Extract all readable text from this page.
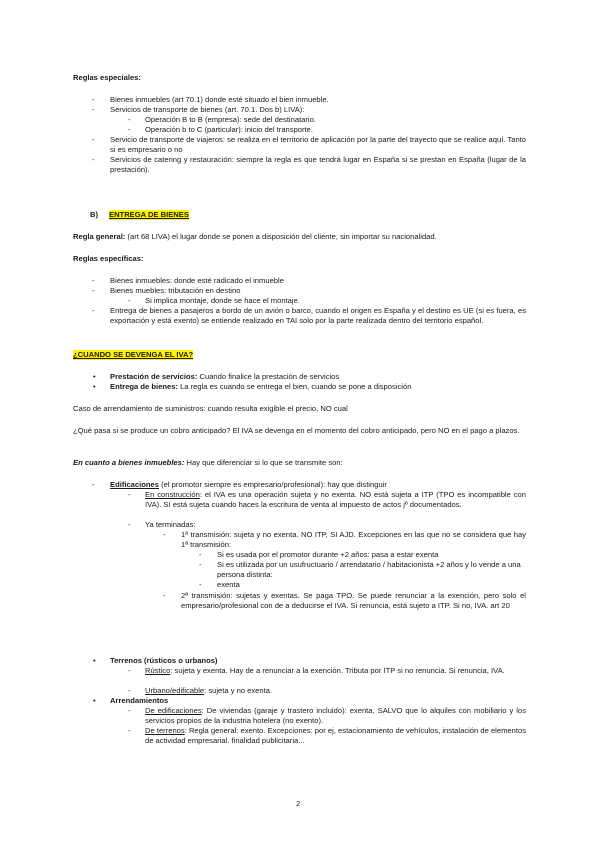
Reglas especiales:
- Bienes inmuebles (art 70.1) donde esté situado el bien inmueble.
- Servicios de transporte de bienes (art. 70.1. Dos b) LIVA):
- Operación B to B (empresa): sede del destinatario.
- Operación b to C (particular): inicio del transporte.
- Servicio de transporte de viajeros: se realiza en el territorio de aplicación por la parte del trayecto que se realice aquí. Tanto si es empresario o no
- Servicios de catering y restauración: siempre la regla es que tendrá lugar en España si se prestan en España (lugar de la prestación).
B) ENTREGA DE BIENES
Regla general: (art 68 LIVA) el lugar donde se ponen a disposición del cliente, sin importar su nacionalidad.
Reglas específicas:
- Bienes inmuebles: donde esté radicado el inmueble
- Bienes muebles: tributación en destino
- Si implica montaje, donde se hace el montaje.
- Entrega de bienes a pasajeros a bordo de un avión o barco, cuando el origen es España y el destino es UE (si es fuera, es exportación y está exento) se entiende realizado en TAI solo por la parte realizada dentro del territorio español.
¿CUANDO SE DEVENGA EL IVA?
• Prestación de servicios: Cuando finalice la prestación de servicios
• Entrega de bienes: La regla es cuando se entrega el bien, cuando se pone a disposición
Caso de arrendamiento de suministros: cuando resulta exigible el precio, NO cual
¿Qué pasa si se produce un cobro anticipado? El IVA se devenga en el momento del cobro anticipado, pero NO en el pago a plazos.
En cuanto a bienes inmuebles: Hay que diferenciar si lo que se transmite son:
- Edificaciones (el promotor siempre es empresario/profesional): hay que distinguir
- En construcción: el IVA es una operación sujeta y no exenta. NO está sujeta a ITP (TPO es incompatible con IVA). Sí está sujeta cuando haces la escritura de venta al impuesto de actos jº documentados.
- Ya terminadas:
- 1ª transmisión: sujeta y no exenta. NO ITP, SI AJD. Excepciones en las que no se considera que hay 1ª transmisión:
- Si es usada por el promotor durante +2 años: pasa a estar exenta
- Si es utilizada por un usufructuario / arrendatario / habitacionista +2 años y lo vende a una persona distinta:
- exenta
- 2ª transmisión: sujetas y exentas. Se paga TPO. Se puede renunciar a la exención, pero solo el empresario/profesional con de a deducirse el IVA. Si renuncia, está sujeto a ITP. Si no, IVA. art 20
• Terrenos (rústicos o urbanos)
- Rústico: sujeta y exenta. Hay de a renunciar a la exención. Tributa por ITP si no renuncia. Si renuncia, IVA.
- Urbano/edificable: sujeta y no exenta.
• Arrendamientos
- De edificaciones: De viviendas (garaje y trastero incluido): exenta, SALVO que lo alquiles con mobiliario y los servicios propios de la industria hotelera (no exento).
- De terrenos: Regla general: exento. Excepciones: por ej, estacionamiento de vehículos, instalación de elementos de actividad empresarial. finalidad publicitaria...
2
